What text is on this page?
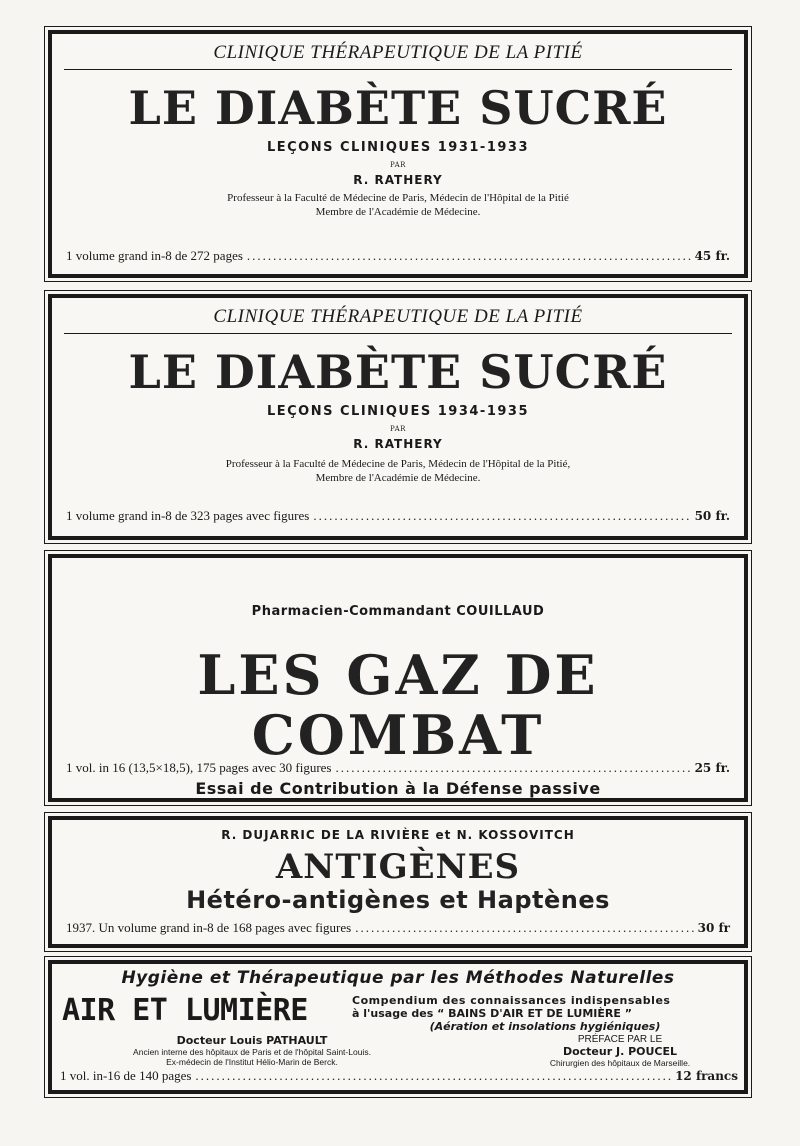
CLINIQUE THÉRAPEUTIQUE DE LA PITIÉ
LE DIABÈTE SUCRÉ
LEÇONS CLINIQUES 1931-1933
PAR
R. RATHERY
Professeur à la Faculté de Médecine de Paris, Médecin de l'Hôpital de la Pitié
Membre de l'Académie de Médecine.
1 volume grand in-8 de 272 pages .....	45 fr.
CLINIQUE THÉRAPEUTIQUE DE LA PITIÉ
LE DIABÈTE SUCRÉ
LEÇONS CLINIQUES 1934-1935
PAR
R. RATHERY
Professeur à la Faculté de Médecine de Paris, Médecin de l'Hôpital de la Pitié,
Membre de l'Académie de Médecine.
1 volume grand in-8 de 323 pages avec figures .....	50 fr.
Pharmacien-Commandant COUILLAUD
LES GAZ DE COMBAT
Essai de Contribution à la Défense passive
1 vol. in 16 (13,5×18,5), 175 pages avec 30 figures .....	25 fr.
R. DUJARRIC DE LA RIVIÈRE et N. KOSSOVITCH
ANTIGÈNES
Hétéro-antigènes et Haptènes
1937. Un volume grand in-8 de 168 pages avec figures .....	30 fr
Hygiène et Thérapeutique par les Méthodes Naturelles
AIR ET LUMIÈRE	Compendium des connaissances indispensables
à l'usage des “ BAINS D'AIR ET DE LUMIÈRE ”
(Aération et insolations hygiéniques)
Docteur Louis PATHAULT
Ancien interne des hôpitaux de Paris et de l'hôpital Saint-Louis.
Ex-médecin de l'Institut Hélio-Marin de Berck.
PRÉFACE PAR LE
Docteur J. POUCEL
Chirurgien des hôpitaux de Marseille.
1 vol. in-16 de 140 pages .....	12 francs
